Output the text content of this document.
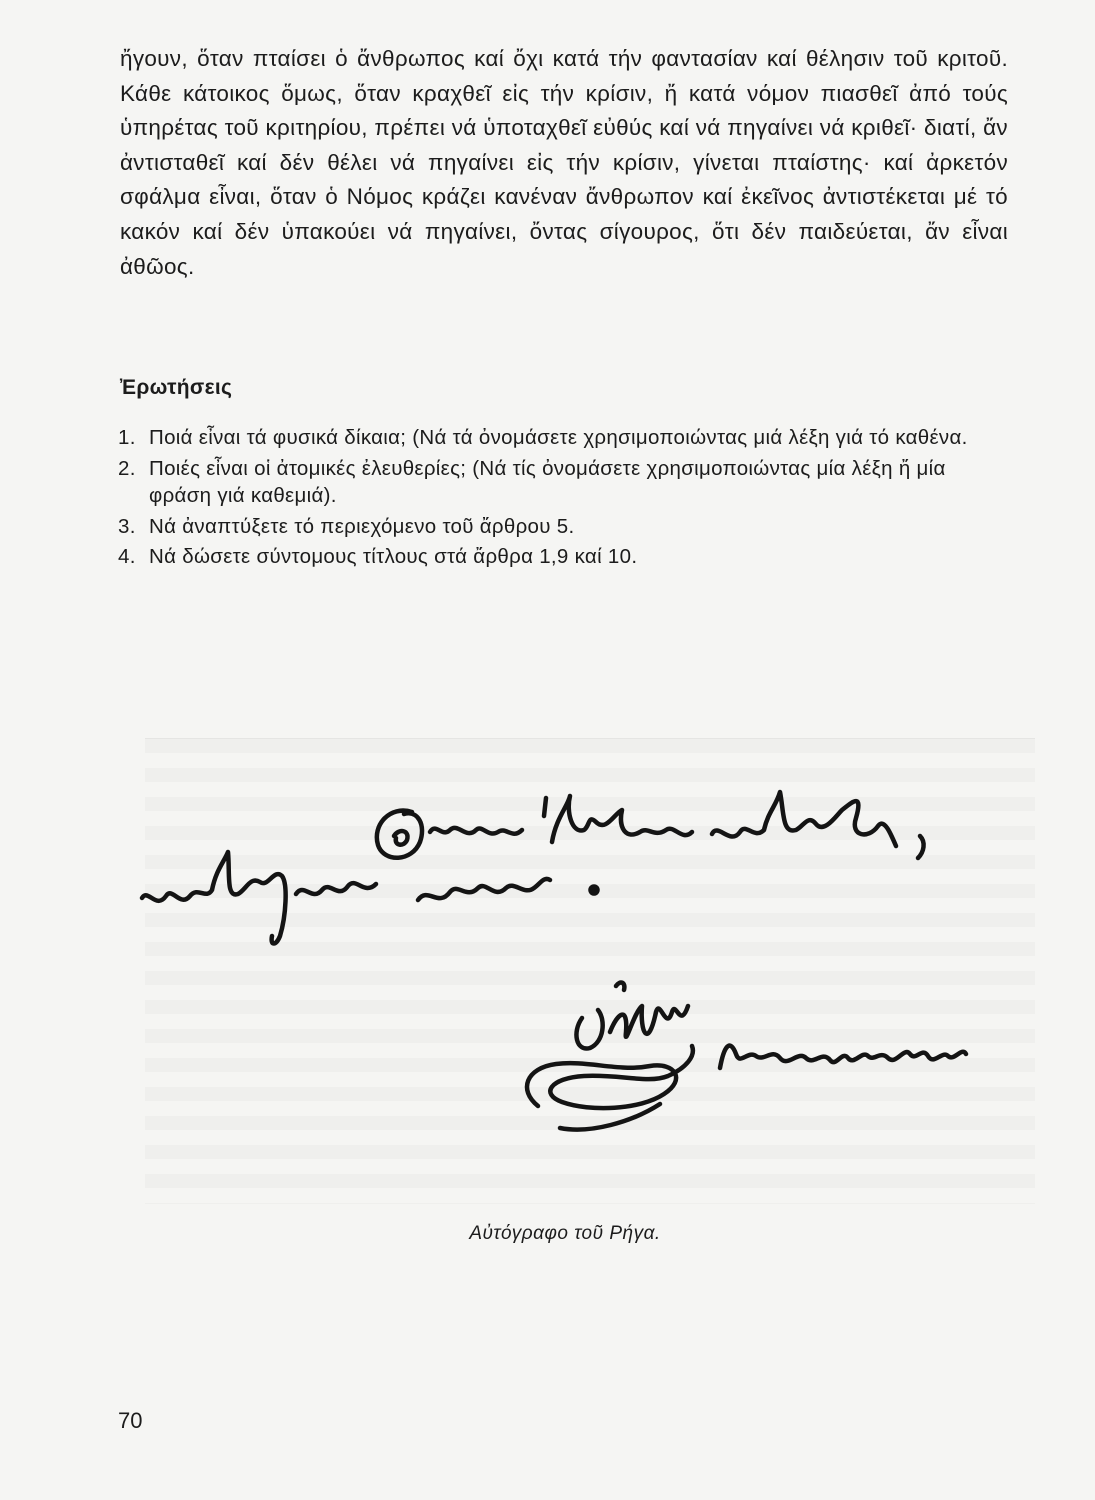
ἤγουν, ὅταν πταίσει ὁ ἄνθρωπος καί ὄχι κατά τήν φαντασίαν καί θέλησιν τοῦ κριτοῦ. Κάθε κάτοικος ὅμως, ὅταν κραχθεῖ εἰς τήν κρίσιν, ἤ κατά νόμον πιασθεῖ ἀπό τούς ὑπηρέτας τοῦ κριτηρίου, πρέπει νά ὑποταχθεῖ εὐθύς καί νά πηγαίνει νά κριθεῖ· διατί, ἄν ἀντισταθεῖ καί δέν θέλει νά πηγαίνει εἰς τήν κρίσιν, γίνεται πταίστης· καί ἀρκετόν σφάλμα εἶναι, ὅταν ὁ Νόμος κράζει κανέναν ἄνθρωπον καί ἐκεῖνος ἀντιστέκεται μέ τό κακόν καί δέν ὑπακούει νά πηγαίνει, ὄντας σίγουρος, ὅτι δέν παιδεύεται, ἄν εἶναι ἀθῶος.

Ἐρωτήσεις
1. Ποιά εἶναι τά φυσικά δίκαια; (Νά τά ὀνομάσετε χρησιμοποιώντας μιά λέξη γιά τό καθένα.
2. Ποιές εἶναι οἱ ἀτομικές ἐλευθερίες; (Νά τίς ὀνομάσετε χρησιμοποιώντας μία λέξη ἤ μία φράση γιά καθεμιά).
3. Νά ἀναπτύξετε τό περιεχόμενο τοῦ ἄρθρου 5.
4. Νά δώσετε σύντομους τίτλους στά ἄρθρα 1,9 καί 10.

Αὐτόγραφο τοῦ Ρήγα.

70
